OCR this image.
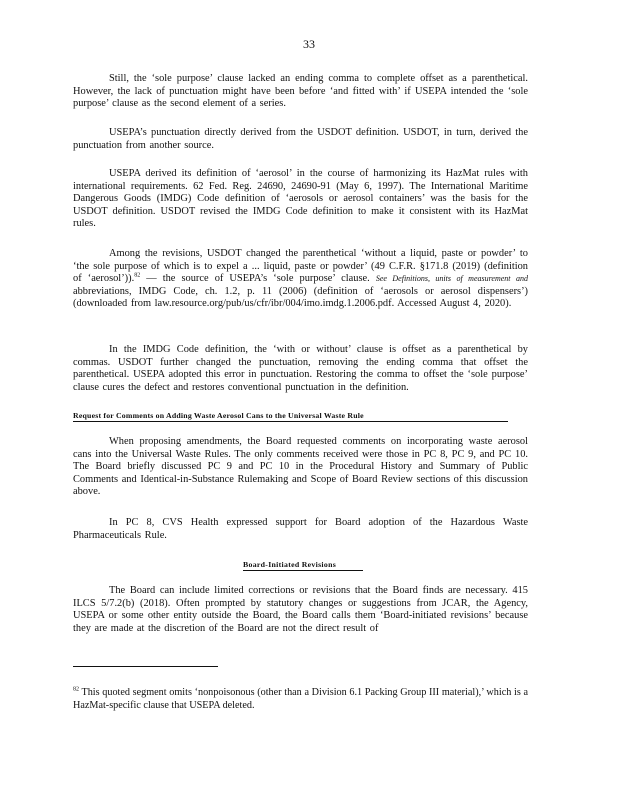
33

Still, the ‘sole purpose’ clause lacked an ending comma to complete offset as a parenthetical. However, the lack of punctuation might have been before ‘and fitted with’ if USEPA intended the ‘sole purpose’ clause as the second element of a series.

USEPA’s punctuation directly derived from the USDOT definition. USDOT, in turn, derived the punctuation from another source.

USEPA derived its definition of ‘aerosol’ in the course of harmonizing its HazMat rules with international requirements. 62 Fed. Reg. 24690, 24690-91 (May 6, 1997). The International Maritime Dangerous Goods (IMDG) Code definition of ‘aerosols or aerosol containers’ was the basis for the USDOT definition. USDOT revised the IMDG Code definition to make it consistent with its HazMat rules.

Among the revisions, USDOT changed the parenthetical ‘without a liquid, paste or powder’ to ‘the sole purpose of which is to expel a ... liquid, paste or powder’ (49 C.F.R. §171.8 (2019) (definition of ‘aerosol’)).$^{82}$ — the source of USEPA’s ‘sole purpose’ clause. See Definitions, units of measurement and abbreviations, IMDG Code, ch. 1.2, p. 11 (2006) (definition of ‘aerosols or aerosol dispensers’) (downloaded from law.resource.org/pub/us/cfr/ibr/004/imo.imdg.1.2006.pdf. Accessed August 4, 2020).

In the IMDG Code definition, the ‘with or without’ clause is offset as a parenthetical by commas. USDOT further changed the punctuation, removing the ending comma that offset the parenthetical. USEPA adopted this error in punctuation. Restoring the comma to offset the ‘sole purpose’ clause cures the defect and restores conventional punctuation in the definition.

Request for Comments on Adding Waste Aerosol Cans to the Universal Waste Rule

When proposing amendments, the Board requested comments on incorporating waste aerosol cans into the Universal Waste Rules. The only comments received were those in PC 8, PC 9, and PC 10. The Board briefly discussed PC 9 and PC 10 in the Procedural History and Summary of Public Comments and Identical-in-Substance Rulemaking and Scope of Board Review sections of this discussion above.

In PC 8, CVS Health expressed support for Board adoption of the Hazardous Waste Pharmaceuticals Rule.

Board-Initiated Revisions

The Board can include limited corrections or revisions that the Board finds are necessary. 415 ILCS 5/7.2(b) (2018). Often prompted by statutory changes or suggestions from JCAR, the Agency, USEPA or some other entity outside the Board, the Board calls them ‘Board-initiated revisions’ because they are made at the discretion of the Board are not the direct result of

$^{82}$ This quoted segment omits ‘nonpoisonous (other than a Division 6.1 Packing Group III material),’ which is a HazMat-specific clause that USEPA deleted.
